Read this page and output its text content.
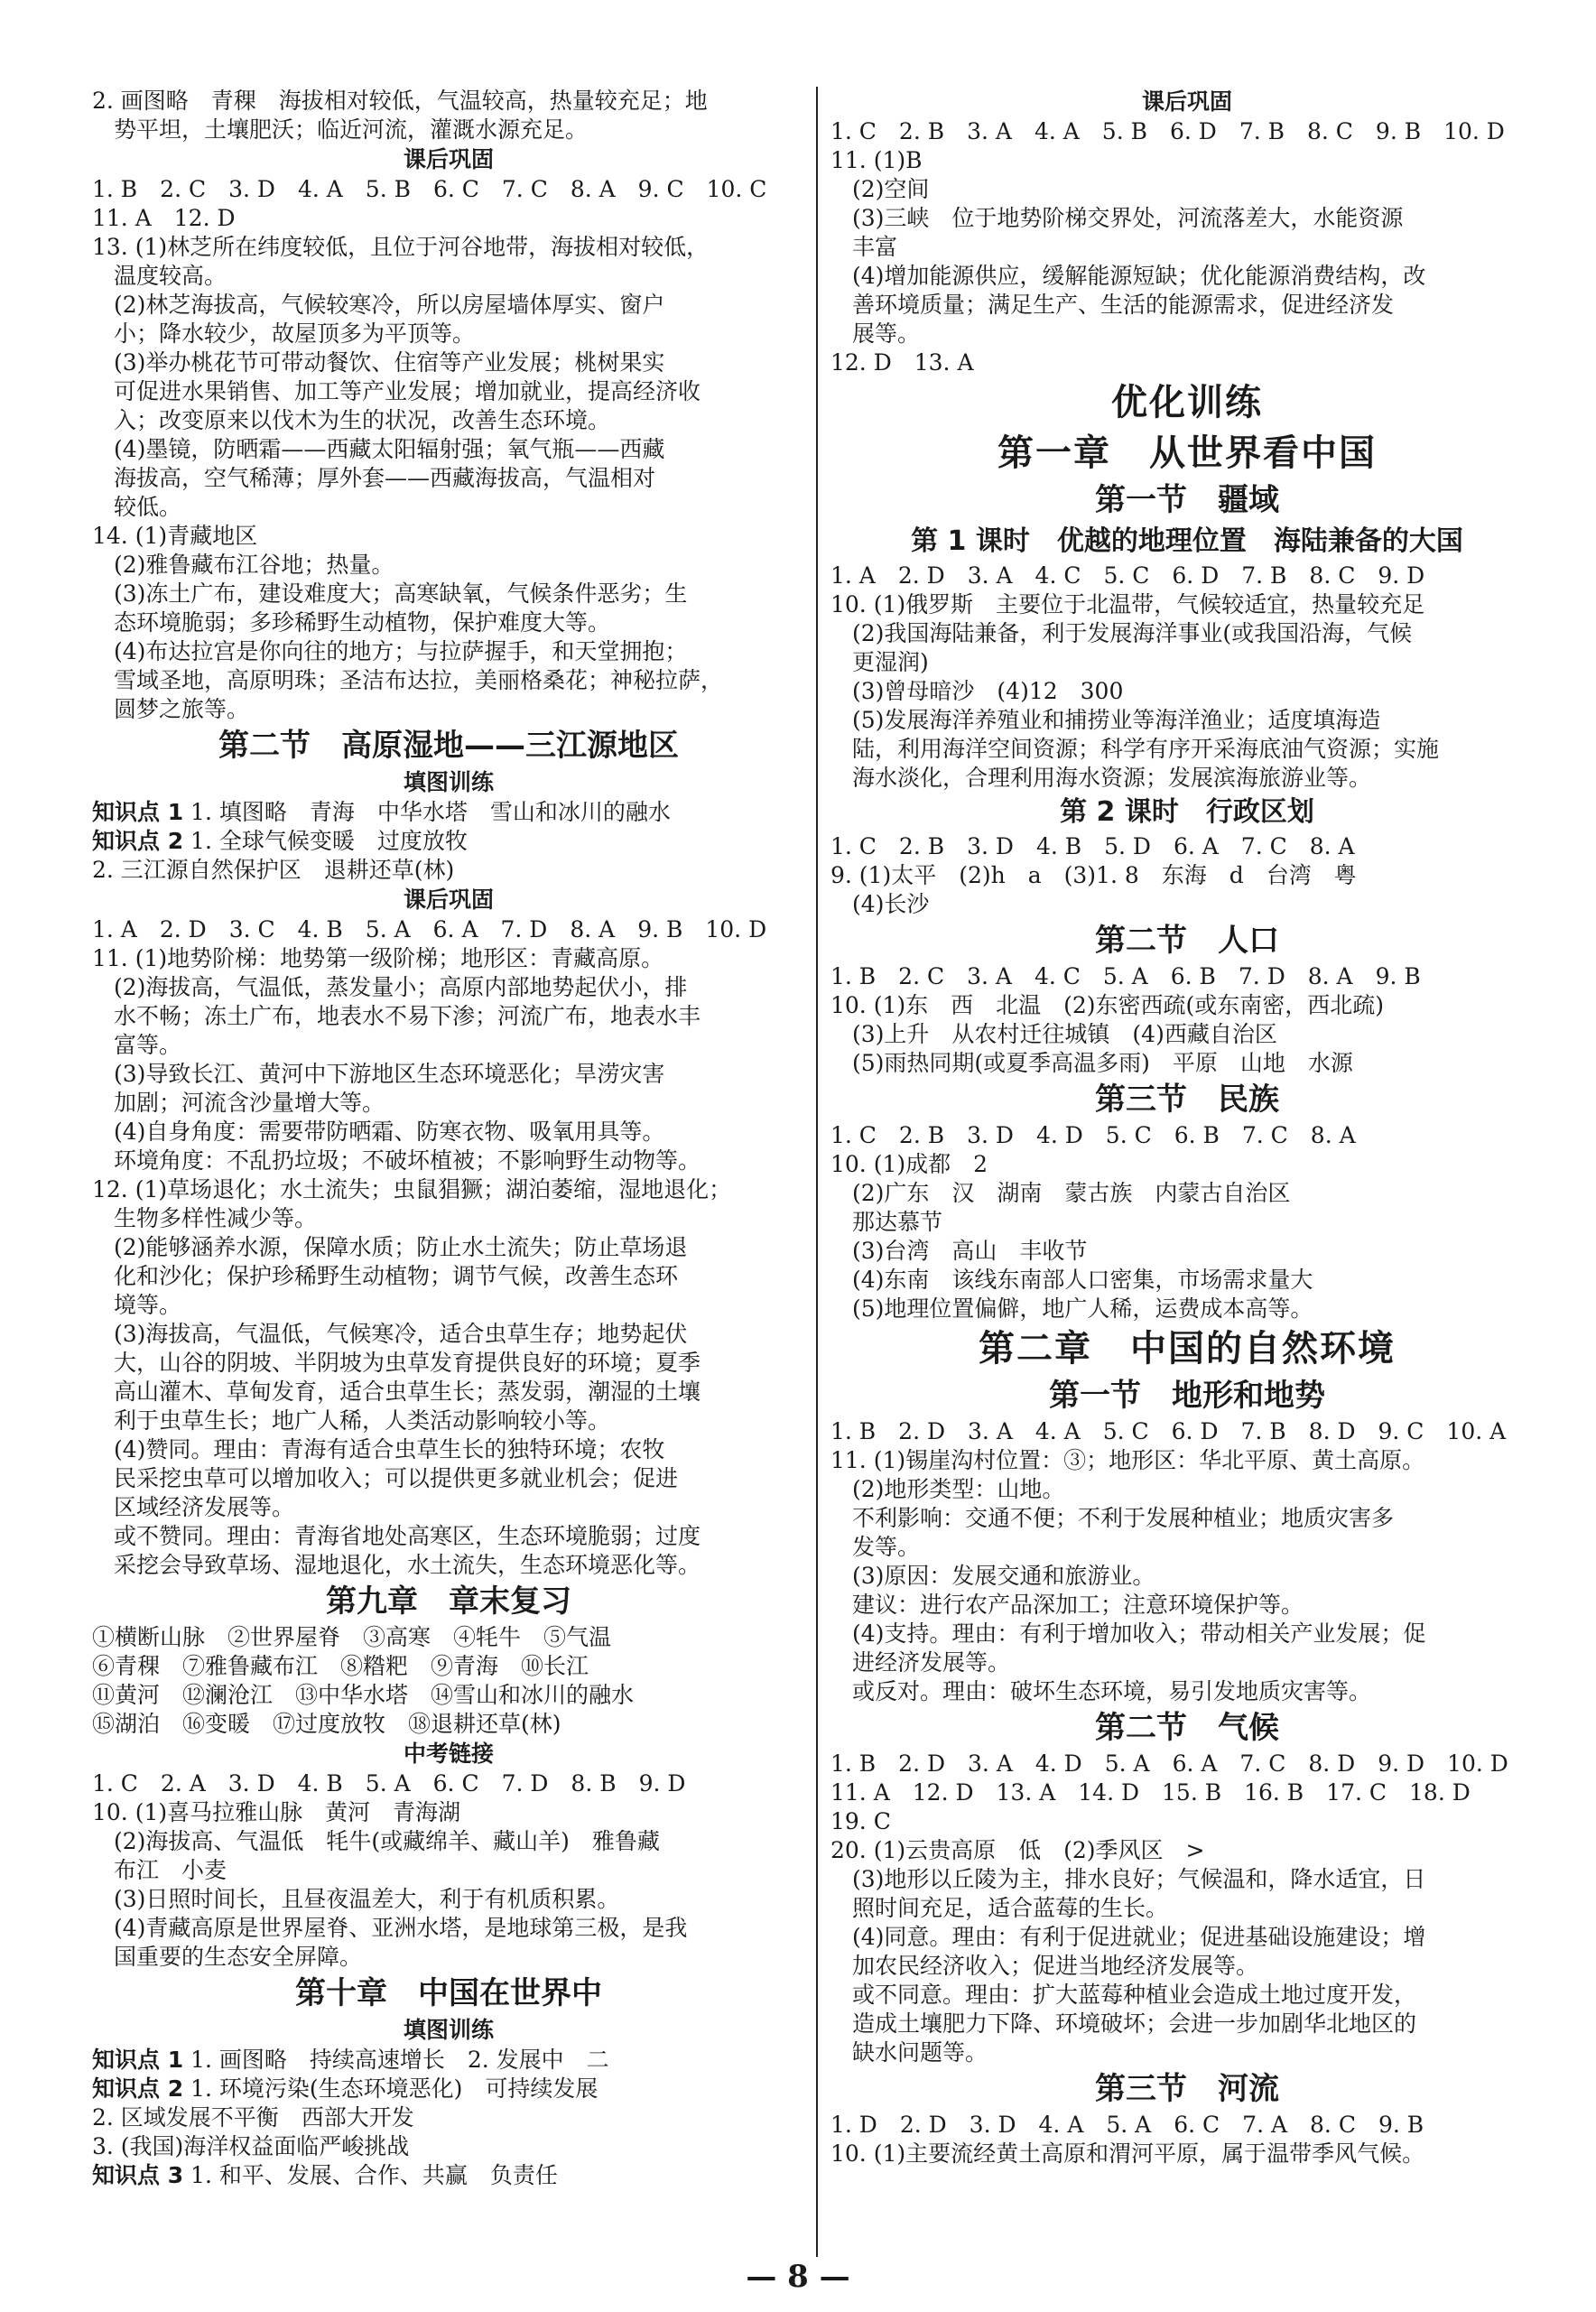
2. 画图略　青稞　海拔相对较低，气温较高，热量较充足；地
势平坦，土壤肥沃；临近河流，灌溉水源充足。
课后巩固
1. B　2. C　3. D　4. A　5. B　6. C　7. C　8. A　9. C　10. C
11. A　12. D
13. (1)林芝所在纬度较低，且位于河谷地带，海拔相对较低，
温度较高。
(2)林芝海拔高，气候较寒冷，所以房屋墙体厚实、窗户
小；降水较少，故屋顶多为平顶等。
(3)举办桃花节可带动餐饮、住宿等产业发展；桃树果实
可促进水果销售、加工等产业发展；增加就业，提高经济收
入；改变原来以伐木为生的状况，改善生态环境。
(4)墨镜，防晒霜——西藏太阳辐射强；氧气瓶——西藏
海拔高，空气稀薄；厚外套——西藏海拔高，气温相对
较低。
14. (1)青藏地区
(2)雅鲁藏布江谷地；热量。
(3)冻土广布，建设难度大；高寒缺氧，气候条件恶劣；生
态环境脆弱；多珍稀野生动植物，保护难度大等。
(4)布达拉宫是你向往的地方；与拉萨握手，和天堂拥抱；
雪域圣地，高原明珠；圣洁布达拉，美丽格桑花；神秘拉萨，
圆梦之旅等。
第二节　高原湿地——三江源地区
填图训练
知识点 1 1. 填图略　青海　中华水塔　雪山和冰川的融水
知识点 2 1. 全球气候变暖　过度放牧
2. 三江源自然保护区　退耕还草(林)
课后巩固
1. A　2. D　3. C　4. B　5. A　6. A　7. D　8. A　9. B　10. D
11. (1)地势阶梯：地势第一级阶梯；地形区：青藏高原。
(2)海拔高，气温低，蒸发量小；高原内部地势起伏小，排
水不畅；冻土广布，地表水不易下渗；河流广布，地表水丰
富等。
(3)导致长江、黄河中下游地区生态环境恶化；旱涝灾害
加剧；河流含沙量增大等。
(4)自身角度：需要带防晒霜、防寒衣物、吸氧用具等。
环境角度：不乱扔垃圾；不破坏植被；不影响野生动物等。
12. (1)草场退化；水土流失；虫鼠猖獗；湖泊萎缩，湿地退化；
生物多样性减少等。
(2)能够涵养水源，保障水质；防止水土流失；防止草场退
化和沙化；保护珍稀野生动植物；调节气候，改善生态环
境等。
(3)海拔高，气温低，气候寒冷，适合虫草生存；地势起伏
大，山谷的阴坡、半阴坡为虫草发育提供良好的环境；夏季
高山灌木、草甸发育，适合虫草生长；蒸发弱，潮湿的土壤
利于虫草生长；地广人稀，人类活动影响较小等。
(4)赞同。理由：青海有适合虫草生长的独特环境；农牧
民采挖虫草可以增加收入；可以提供更多就业机会；促进
区域经济发展等。
或不赞同。理由：青海省地处高寒区，生态环境脆弱；过度
采挖会导致草场、湿地退化，水土流失，生态环境恶化等。
第九章　章末复习
①横断山脉　②世界屋脊　③高寒　④牦牛　⑤气温
⑥青稞　⑦雅鲁藏布江　⑧糌粑　⑨青海　⑩长江
⑪黄河　⑫澜沧江　⑬中华水塔　⑭雪山和冰川的融水
⑮湖泊　⑯变暖　⑰过度放牧　⑱退耕还草(林)
中考链接
1. C　2. A　3. D　4. B　5. A　6. C　7. D　8. B　9. D
10. (1)喜马拉雅山脉　黄河　青海湖
(2)海拔高、气温低　牦牛(或藏绵羊、藏山羊)　雅鲁藏
布江　小麦
(3)日照时间长，且昼夜温差大，利于有机质积累。
(4)青藏高原是世界屋脊、亚洲水塔，是地球第三极，是我
国重要的生态安全屏障。
第十章　中国在世界中
填图训练
知识点 1 1. 画图略　持续高速增长　2. 发展中　二
知识点 2 1. 环境污染(生态环境恶化)　可持续发展
2. 区域发展不平衡　西部大开发
3. (我国)海洋权益面临严峻挑战
知识点 3 1. 和平、发展、合作、共赢　负责任
课后巩固
1. C　2. B　3. A　4. A　5. B　6. D　7. B　8. C　9. B　10. D
11. (1)B
(2)空间
(3)三峡　位于地势阶梯交界处，河流落差大，水能资源
丰富
(4)增加能源供应，缓解能源短缺；优化能源消费结构，改
善环境质量；满足生产、生活的能源需求，促进经济发
展等。
12. D　13. A
优化训练
第一章　从世界看中国
第一节　疆域
第 1 课时　优越的地理位置　海陆兼备的大国
1. A　2. D　3. A　4. C　5. C　6. D　7. B　8. C　9. D
10. (1)俄罗斯　主要位于北温带，气候较适宜，热量较充足
(2)我国海陆兼备，利于发展海洋事业(或我国沿海，气候
更湿润)
(3)曾母暗沙　(4)12　300
(5)发展海洋养殖业和捕捞业等海洋渔业；适度填海造
陆，利用海洋空间资源；科学有序开采海底油气资源；实施
海水淡化，合理利用海水资源；发展滨海旅游业等。
第 2 课时　行政区划
1. C　2. B　3. D　4. B　5. D　6. A　7. C　8. A
9. (1)太平　(2)h　a　(3)1. 8　东海　d　台湾　粤
(4)长沙
第二节　人口
1. B　2. C　3. A　4. C　5. A　6. B　7. D　8. A　9. B
10. (1)东　西　北温　(2)东密西疏(或东南密，西北疏)
(3)上升　从农村迁往城镇　(4)西藏自治区
(5)雨热同期(或夏季高温多雨)　平原　山地　水源
第三节　民族
1. C　2. B　3. D　4. D　5. C　6. B　7. C　8. A
10. (1)成都　2
(2)广东　汉　湖南　蒙古族　内蒙古自治区
那达慕节
(3)台湾　高山　丰收节
(4)东南　该线东南部人口密集，市场需求量大
(5)地理位置偏僻，地广人稀，运费成本高等。
第二章　中国的自然环境
第一节　地形和地势
1. B　2. D　3. A　4. A　5. C　6. D　7. B　8. D　9. C　10. A
11. (1)锡崖沟村位置：③；地形区：华北平原、黄土高原。
(2)地形类型：山地。
不利影响：交通不便；不利于发展种植业；地质灾害多
发等。
(3)原因：发展交通和旅游业。
建议：进行农产品深加工；注意环境保护等。
(4)支持。理由：有利于增加收入；带动相关产业发展；促
进经济发展等。
或反对。理由：破坏生态环境，易引发地质灾害等。
第二节　气候
1. B　2. D　3. A　4. D　5. A　6. A　7. C　8. D　9. D　10. D
11. A　12. D　13. A　14. D　15. B　16. B　17. C　18. D
19. C
20. (1)云贵高原　低　(2)季风区　>
(3)地形以丘陵为主，排水良好；气候温和，降水适宜，日
照时间充足，适合蓝莓的生长。
(4)同意。理由：有利于促进就业；促进基础设施建设；增
加农民经济收入；促进当地经济发展等。
或不同意。理由：扩大蓝莓种植业会造成土地过度开发，
造成土壤肥力下降、环境破坏；会进一步加剧华北地区的
缺水问题等。
第三节　河流
1. D　2. D　3. D　4. A　5. A　6. C　7. A　8. C　9. B
10. (1)主要流经黄土高原和渭河平原，属于温带季风气候。
— 8 —
